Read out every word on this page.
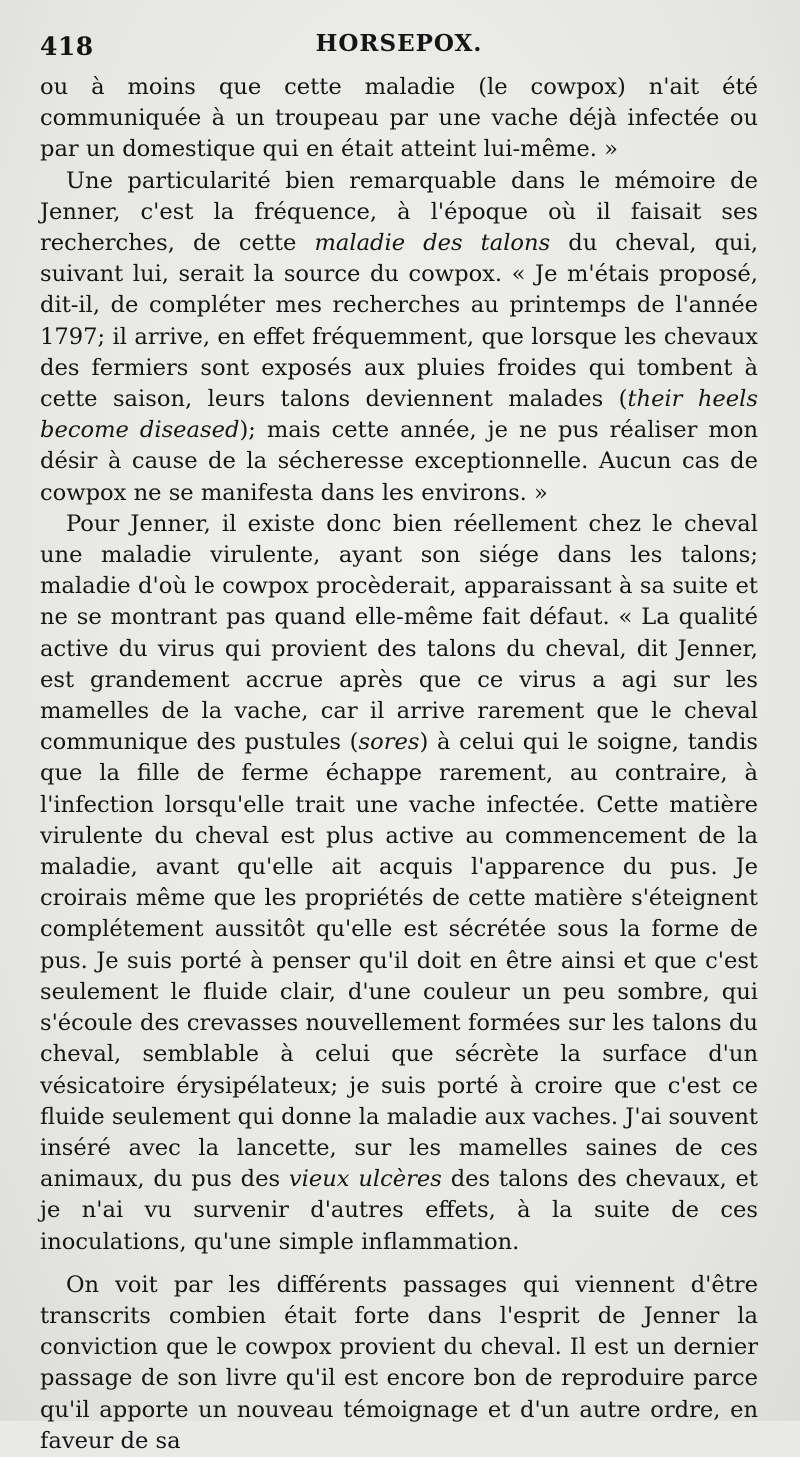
418	HORSEPOX.

ou à moins que cette maladie (le cowpox) n'ait été communiquée à un troupeau par une vache déjà infectée ou par un domestique qui en était atteint lui-même. »

Une particularité bien remarquable dans le mémoire de Jenner, c'est la fréquence, à l'époque où il faisait ses recherches, de cette maladie des talons du cheval, qui, suivant lui, serait la source du cowpox. « Je m'étais proposé, dit-il, de compléter mes recherches au printemps de l'année 1797; il arrive, en effet fréquemment, que lorsque les chevaux des fermiers sont exposés aux pluies froides qui tombent à cette saison, leurs talons deviennent malades (their heels become diseased); mais cette année, je ne pus réaliser mon désir à cause de la sécheresse exceptionnelle. Aucun cas de cowpox ne se manifesta dans les environs. »

Pour Jenner, il existe donc bien réellement chez le cheval une maladie virulente, ayant son siége dans les talons; maladie d'où le cowpox procèderait, apparaissant à sa suite et ne se montrant pas quand elle-même fait défaut. « La qualité active du virus qui provient des talons du cheval, dit Jenner, est grandement accrue après que ce virus a agi sur les mamelles de la vache, car il arrive rarement que le cheval communique des pustules (sores) à celui qui le soigne, tandis que la fille de ferme échappe rarement, au contraire, à l'infection lorsqu'elle trait une vache infectée. Cette matière virulente du cheval est plus active au commencement de la maladie, avant qu'elle ait acquis l'apparence du pus. Je croirais même que les propriétés de cette matière s'éteignent complétement aussitôt qu'elle est sécrétée sous la forme de pus. Je suis porté à penser qu'il doit en être ainsi et que c'est seulement le fluide clair, d'une couleur un peu sombre, qui s'écoule des crevasses nouvellement formées sur les talons du cheval, semblable à celui que sécrète la surface d'un vésicatoire érysipélateux; je suis porté à croire que c'est ce fluide seulement qui donne la maladie aux vaches. J'ai souvent inséré avec la lancette, sur les mamelles saines de ces animaux, du pus des vieux ulcères des talons des chevaux, et je n'ai vu survenir d'autres effets, à la suite de ces inoculations, qu'une simple inflammation.

On voit par les différents passages qui viennent d'être transcrits combien était forte dans l'esprit de Jenner la conviction que le cowpox provient du cheval. Il est un dernier passage de son livre qu'il est encore bon de reproduire parce qu'il apporte un nouveau témoignage et d'un autre ordre, en faveur de sa
